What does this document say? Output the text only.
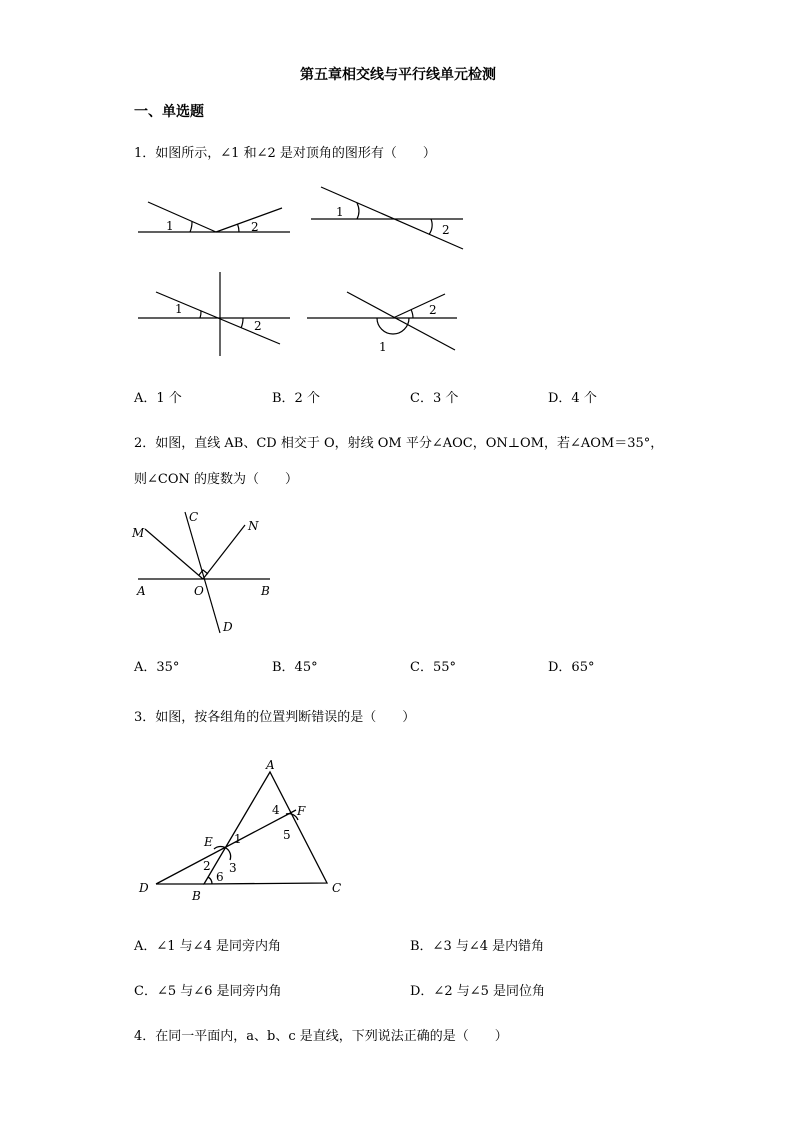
第五章相交线与平行线单元检测
一、单选题
1．如图所示，∠1 和∠2 是对顶角的图形有（　　）
1	2
1
2
1
2
1
2
A．1 个	B．2 个	C．3 个	D．4 个
2．如图，直线 AB、CD 相交于 O，射线 OM 平分∠AOC，ON⊥OM，若∠AOM＝35°，
则∠CON 的度数为（　　）
M
C
N
A	O	B
D
A．35°	B．45°	C．55°	D．65°
3．如图，按各组角的位置判断错误的是（　　）
A
F
E
D
B
C
4
5
1
2 3
6
A．∠1 与∠4 是同旁内角	B．∠3 与∠4 是内错角
C．∠5 与∠6 是同旁内角	D．∠2 与∠5 是同位角
4．在同一平面内，a、b、c 是直线，下列说法正确的是（　　）
